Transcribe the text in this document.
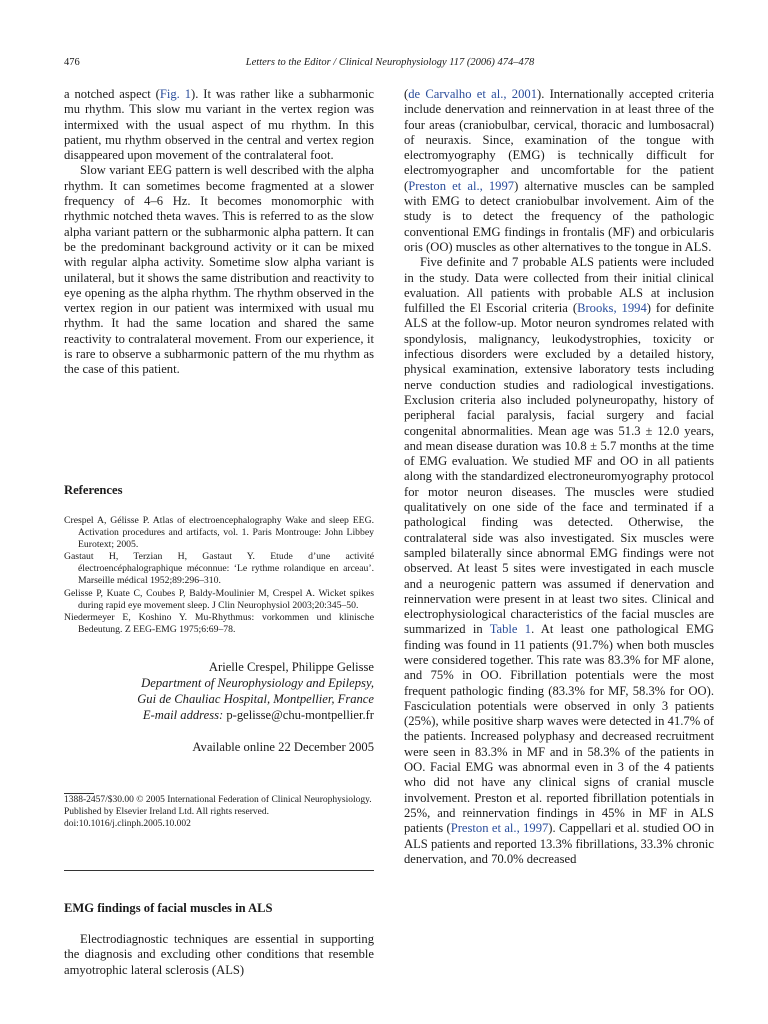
476	Letters to the Editor / Clinical Neurophysiology 117 (2006) 474–478

a notched aspect (Fig. 1). It was rather like a subharmonic mu rhythm. This slow mu variant in the vertex region was intermixed with the usual aspect of mu rhythm. In this patient, mu rhythm observed in the central and vertex region disappeared upon movement of the contralateral foot.

Slow variant EEG pattern is well described with the alpha rhythm. It can sometimes become fragmented at a slower frequency of 4–6 Hz. It becomes monomorphic with rhythmic notched theta waves. This is referred to as the slow alpha variant pattern or the subharmonic alpha pattern. It can be the predominant background activity or it can be mixed with regular alpha activity. Sometime slow alpha variant is unilateral, but it shows the same distribution and reactivity to eye opening as the alpha rhythm. The rhythm observed in the vertex region in our patient was intermixed with usual mu rhythm. It had the same location and shared the same reactivity to contralateral movement. From our experience, it is rare to observe a subharmonic pattern of the mu rhythm as the case of this patient.

References

Crespel A, Gélisse P. Atlas of electroencephalography Wake and sleep EEG. Activation procedures and artifacts, vol. 1. Paris Montrouge: John Libbey Eurotext; 2005.

Gastaut H, Terzian H, Gastaut Y. Etude d’une activité électroencéphalographique méconnue: ‘Le rythme rolandique en arceau’. Marseille médical 1952;89:296–310.

Gelisse P, Kuate C, Coubes P, Baldy-Moulinier M, Crespel A. Wicket spikes during rapid eye movement sleep. J Clin Neurophysiol 2003;20:345–50.

Niedermeyer E, Koshino Y. Mu-Rhythmus: vorkommen und klinische Bedeutung. Z EEG-EMG 1975;6:69–78.

Arielle Crespel, Philippe Gelisse

Department of Neurophysiology and Epilepsy,

Gui de Chauliac Hospital, Montpellier, France

E-mail address: p-gelisse@chu-montpellier.fr

Available online 22 December 2005

1388-2457/$30.00 © 2005 International Federation of Clinical Neurophysiology. Published by Elsevier Ireland Ltd. All rights reserved. doi:10.1016/j.clinph.2005.10.002

EMG findings of facial muscles in ALS

Electrodiagnostic techniques are essential in supporting the diagnosis and excluding other conditions that resemble amyotrophic lateral sclerosis (ALS)

(de Carvalho et al., 2001). Internationally accepted criteria include denervation and reinnervation in at least three of the four areas (craniobulbar, cervical, thoracic and lumbosacral) of neuraxis. Since, examination of the tongue with electromyography (EMG) is technically difficult for electromyographer and uncomfortable for the patient (Preston et al., 1997) alternative muscles can be sampled with EMG to detect craniobulbar involvement. Aim of the study is to detect the frequency of the pathologic conventional EMG findings in frontalis (MF) and orbicularis oris (OO) muscles as other alternatives to the tongue in ALS.

Five definite and 7 probable ALS patients were included in the study. Data were collected from their initial clinical evaluation. All patients with probable ALS at inclusion fulfilled the El Escorial criteria (Brooks, 1994) for definite ALS at the follow-up. Motor neuron syndromes related with spondylosis, malignancy, leukodystrophies, toxicity or infectious disorders were excluded by a detailed history, physical examination, extensive laboratory tests including nerve conduction studies and radiological investigations. Exclusion criteria also included polyneuropathy, history of peripheral facial paralysis, facial surgery and facial congenital abnormalities. Mean age was 51.3 ± 12.0 years, and mean disease duration was 10.8 ± 5.7 months at the time of EMG evaluation. We studied MF and OO in all patients along with the standardized electroneuromyography protocol for motor neuron diseases. The muscles were studied qualitatively on one side of the face and terminated if a pathological finding was detected. Otherwise, the contralateral side was also investigated. Six muscles were sampled bilaterally since abnormal EMG findings were not observed. At least 5 sites were investigated in each muscle and a neurogenic pattern was assumed if denervation and reinnervation were present in at least two sites. Clinical and electrophysiological characteristics of the facial muscles are summarized in Table 1. At least one pathological EMG finding was found in 11 patients (91.7%) when both muscles were considered together. This rate was 83.3% for MF alone, and 75% in OO. Fibrillation potentials were the most frequent pathologic finding (83.3% for MF, 58.3% for OO). Fasciculation potentials were observed in only 3 patients (25%), while positive sharp waves were detected in 41.7% of the patients. Increased polyphasy and decreased recruitment were seen in 83.3% in MF and in 58.3% of the patients in OO. Facial EMG was abnormal even in 3 of the 4 patients who did not have any clinical signs of cranial muscle involvement. Preston et al. reported fibrillation potentials in 25%, and reinnervation findings in 45% in MF in ALS patients (Preston et al., 1997). Cappellari et al. studied OO in ALS patients and reported 13.3% fibrillations, 33.3% chronic denervation, and 70.0% decreased
